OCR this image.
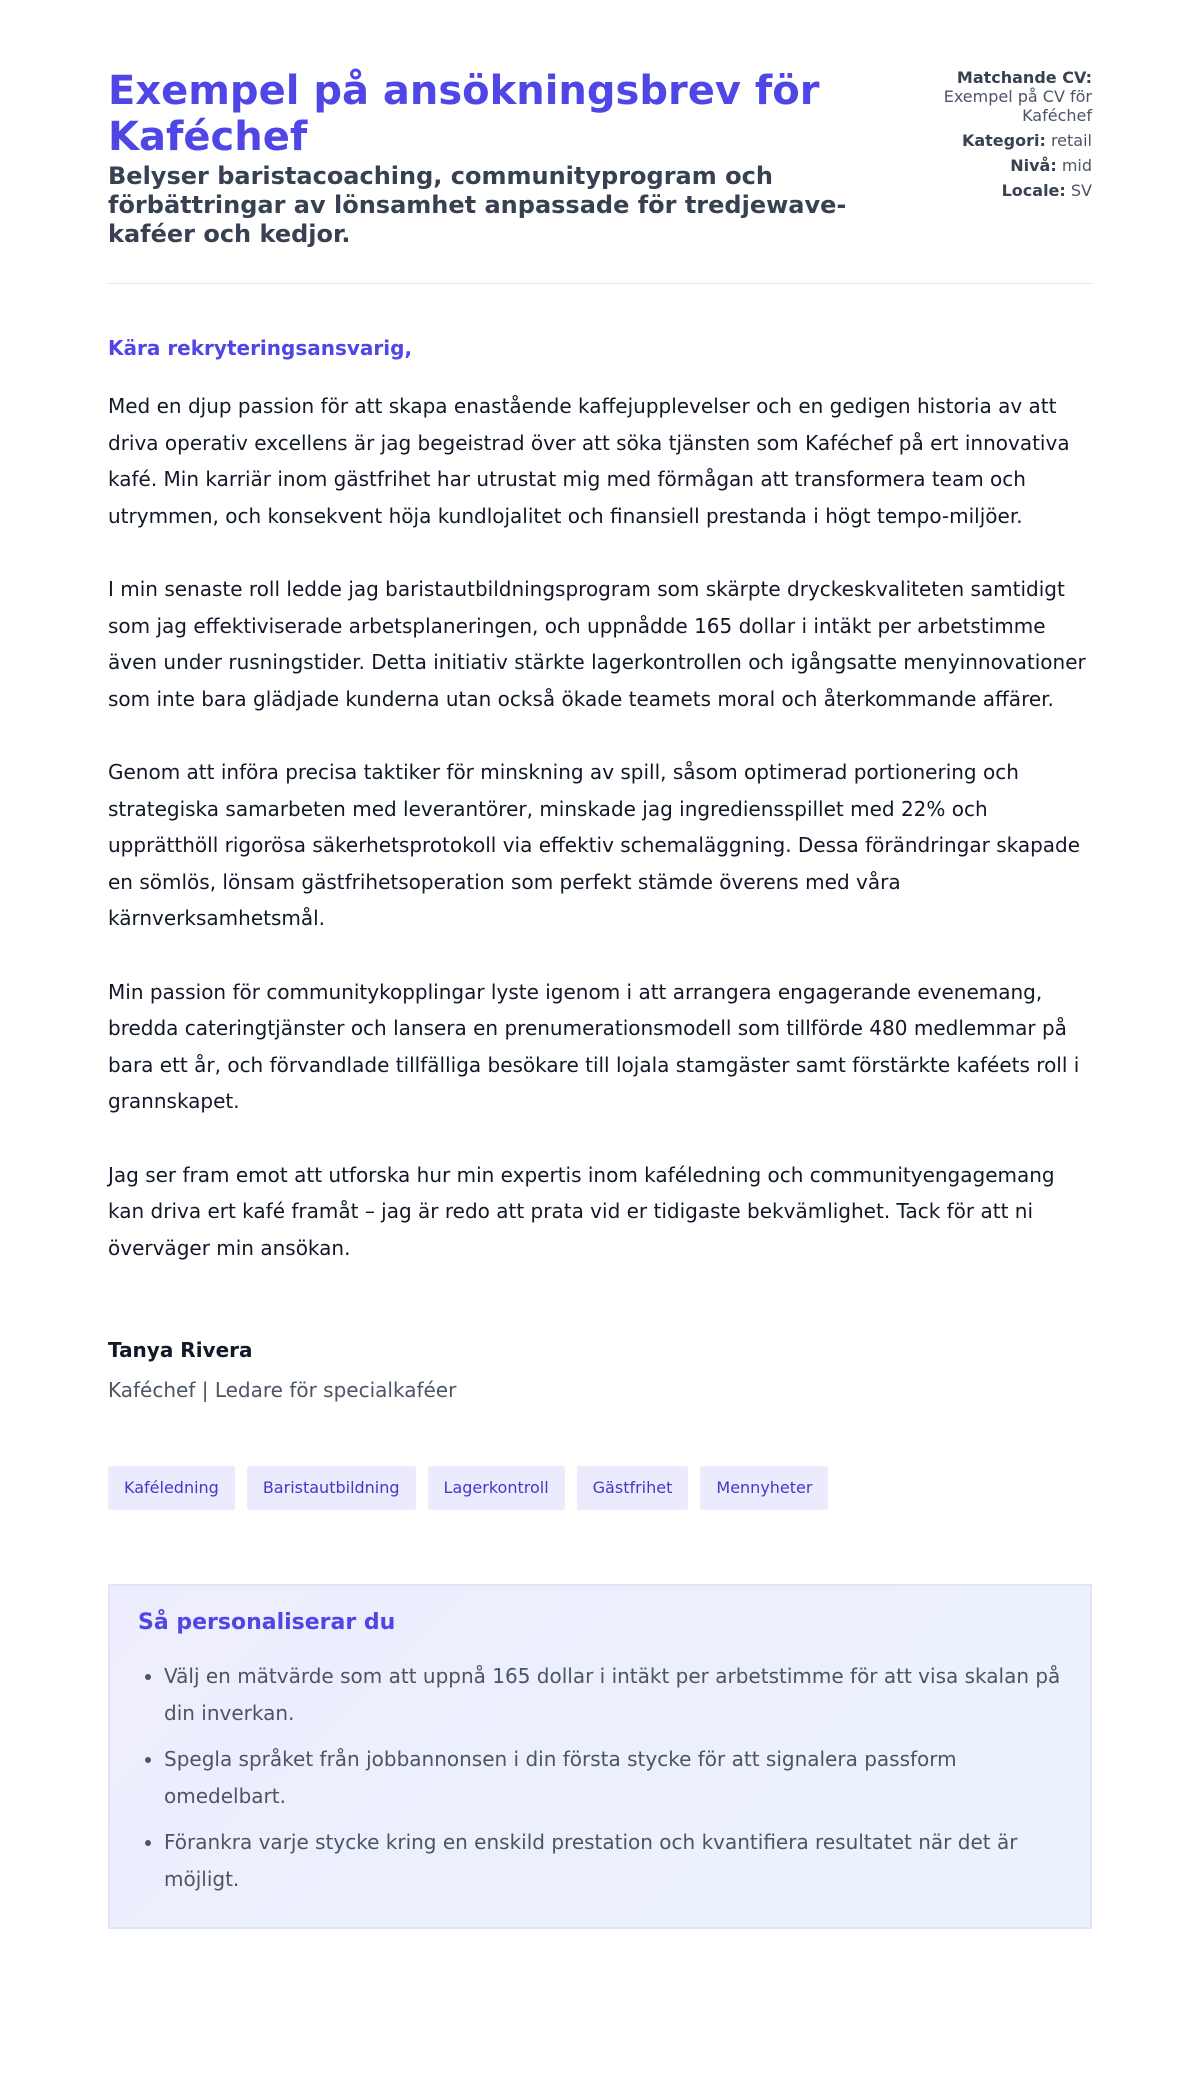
Exempel på ansökningsbrev för Kaféchef
Belyser baristacoaching, communityprogram och förbättringar av lönsamhet anpassade för tredjewave-kaféer och kedjor.
Matchande CV:
Exempel på CV för Kaféchef
Kategori: retail
Nivå: mid
Locale: SV
Kära rekryteringsansvarig,

Med en djup passion för att skapa enastående kaffejupplevelser och en gedigen historia av att driva operativ excellens är jag begeistrad över att söka tjänsten som Kaféchef på ert innovativa kafé. Min karriär inom gästfrihet har utrustat mig med förmågan att transformera team och utrymmen, och konsekvent höja kundlojalitet och finansiell prestanda i högt tempo-miljöer.

I min senaste roll ledde jag baristautbildningsprogram som skärpte dryckeskvaliteten samtidigt som jag effektiviserade arbetsplaneringen, och uppnådde 165 dollar i intäkt per arbetstimme även under rusningstider. Detta initiativ stärkte lagerkontrollen och igångsatte menyinnovationer som inte bara glädjade kunderna utan också ökade teamets moral och återkommande affärer.

Genom att införa precisa taktiker för minskning av spill, såsom optimerad portionering och strategiska samarbeten med leverantörer, minskade jag ingrediensspillet med 22% och upprätthöll rigorösa säkerhetsprotokoll via effektiv schemaläggning. Dessa förändringar skapade en sömlös, lönsam gästfrihetsoperation som perfekt stämde överens med våra kärnverksamhetsmål.

Min passion för communitykopplingar lyste igenom i att arrangera engagerande evenemang, bredda cateringtjänster och lansera en prenumerationsmodell som tillförde 480 medlemmar på bara ett år, och förvandlade tillfälliga besökare till lojala stamgäster samt förstärkte kaféets roll i grannskapet.

Jag ser fram emot att utforska hur min expertis inom kaféledning och communityengagemang kan driva ert kafé framåt – jag är redo att prata vid er tidigaste bekvämlighet. Tack för att ni överväger min ansökan.

Tanya Rivera
Kaféchef | Ledare för specialkaféer
Kaféledning	Baristautbildning	Lagerkontroll	Gästfrihet	Mennyheter
Så personaliserar du
• Välj en mätvärde som att uppnå 165 dollar i intäkt per arbetstimme för att visa skalan på din inverkan.
• Spegla språket från jobbannonsen i din första stycke för att signalera passform omedelbart.
• Förankra varje stycke kring en enskild prestation och kvantifiera resultatet när det är möjligt.
